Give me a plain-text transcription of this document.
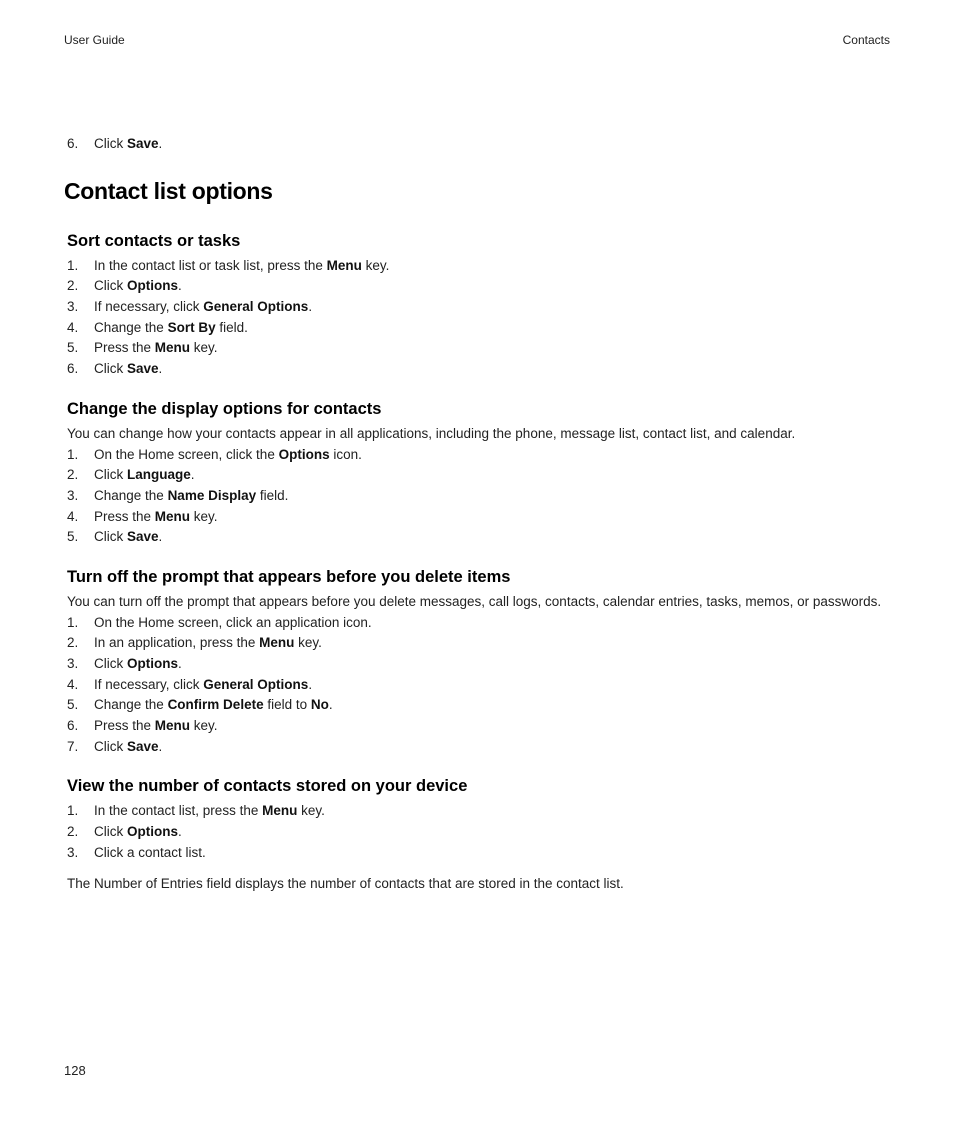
User Guide	Contacts
6.	Click Save.
Contact list options
Sort contacts or tasks
1.	In the contact list or task list, press the Menu key.
2.	Click Options.
3.	If necessary, click General Options.
4.	Change the Sort By field.
5.	Press the Menu key.
6.	Click Save.
Change the display options for contacts
You can change how your contacts appear in all applications, including the phone, message list, contact list, and calendar.
1.	On the Home screen, click the Options icon.
2.	Click Language.
3.	Change the Name Display field.
4.	Press the Menu key.
5.	Click Save.
Turn off the prompt that appears before you delete items
You can turn off the prompt that appears before you delete messages, call logs, contacts, calendar entries, tasks, memos, or passwords.
1.	On the Home screen, click an application icon.
2.	In an application, press the Menu key.
3.	Click Options.
4.	If necessary, click General Options.
5.	Change the Confirm Delete field to No.
6.	Press the Menu key.
7.	Click Save.
View the number of contacts stored on your device
1.	In the contact list, press the Menu key.
2.	Click Options.
3.	Click a contact list.
The Number of Entries field displays the number of contacts that are stored in the contact list.
128
